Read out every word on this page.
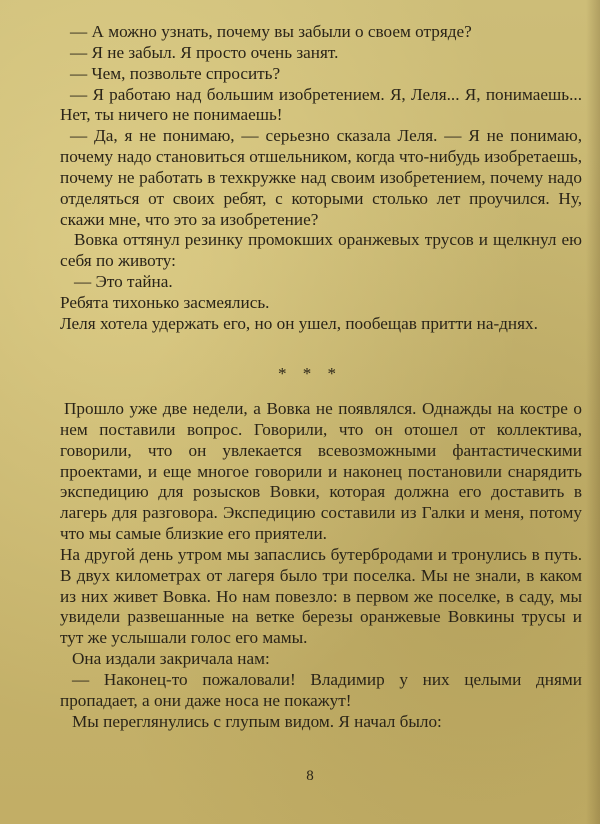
— А можно узнать, почему вы забыли о своем отряде?

— Я не забыл. Я просто очень занят.

— Чем, позвольте спросить?

— Я работаю над большим изобретением. Я, Леля... Я, понимаешь... Нет, ты ничего не понимаешь!

— Да, я не понимаю, — серьезно сказала Леля. — Я не понимаю, почему надо становиться отшельником, когда что-нибудь изобретаешь, почему не работать в техкружке над своим изобретением, почему надо отделяться от своих ребят, с которыми столько лет проучился. Ну, скажи мне, что это за изобретение?

Вовка оттянул резинку промокших оранжевых трусов и щелкнул ею себя по животу:

— Это тайна.

Ребята тихонько засмеялись.

Леля хотела удержать его, но он ушел, пообещав притти на-днях.

* * *

Прошло уже две недели, а Вовка не появлялся. Однажды на костре о нем поставили вопрос. Говорили, что он отошел от коллектива, говорили, что он увлекается всевозможными фантастическими проектами, и еще многое говорили и наконец постановили снарядить экспедицию для розысков Вовки, которая должна его доставить в лагерь для разговора. Экспедицию составили из Галки и меня, потому что мы самые близкие его приятели.

На другой день утром мы запаслись бутербродами и тронулись в путь. В двух километрах от лагеря было три поселка. Мы не знали, в каком из них живет Вовка. Но нам повезло: в первом же поселке, в саду, мы увидели развешанные на ветке березы оранжевые Вовкины трусы и тут же услышали голос его мамы.

Она издали закричала нам:

— Наконец-то пожаловали! Владимир у них целыми днями пропадает, а они даже носа не покажут!

Мы переглянулись с глупым видом. Я начал было:

8
